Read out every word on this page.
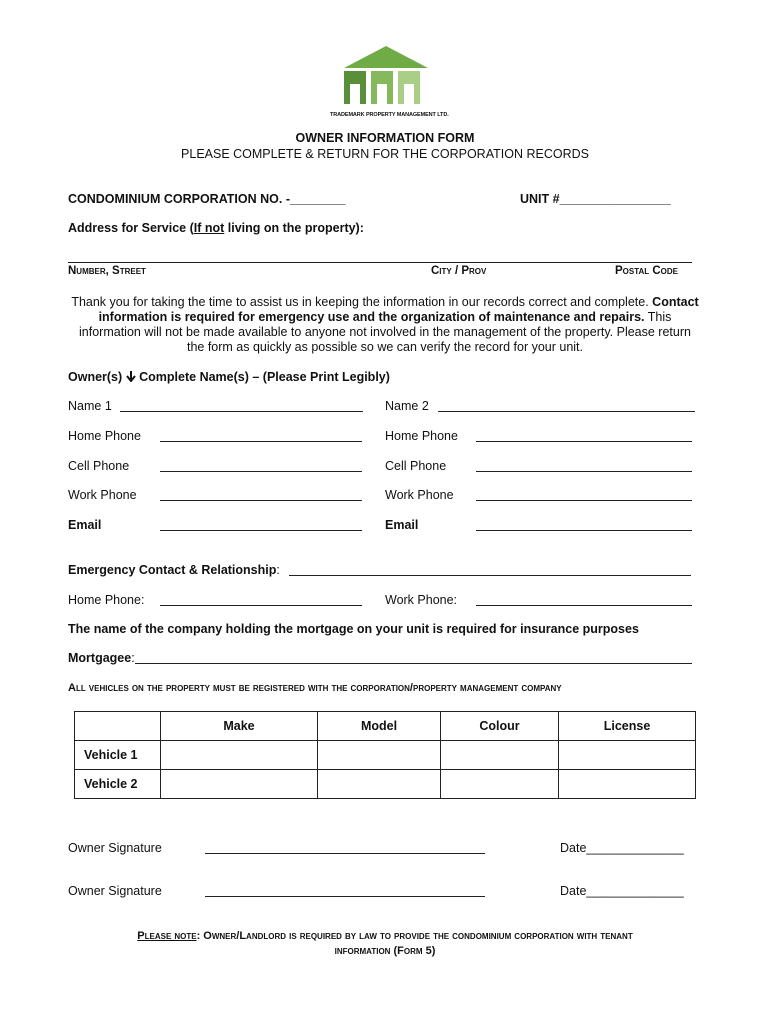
TRADEMARK PROPERTY MANAGEMENT LTD.
OWNER INFORMATION FORM
PLEASE COMPLETE & RETURN FOR THE CORPORATION RECORDS
CONDOMINIUM CORPORATION NO. -________	UNIT #________________
Address for Service (If not living on the property):
Number, Street	City / Prov	Postal Code
Thank you for taking the time to assist us in keeping the information in our records correct and complete. Contact
information is required for emergency use and the organization of maintenance and repairs. This
information will not be made available to anyone not involved in the management of the property. Please return
the form as quickly as possible so we can verify the record for your unit.
Owner(s)  Complete Name(s) – (Please Print Legibly)
Name 1	Name 2
Home Phone	Home Phone
Cell Phone	Cell Phone
Work Phone	Work Phone
Email	Email
Emergency Contact & Relationship:
Home Phone:	Work Phone:
The name of the company holding the mortgage on your unit is required for insurance purposes
Mortgagee:
All vehicles on the property must be registered with the corporation/property management company
	Make	Model	Colour	License
Vehicle 1				
Vehicle 2				
Owner Signature	Date______________
Owner Signature	Date______________
Please note: Owner/Landlord is required by law to provide the condominium corporation with tenant
information (Form 5)
